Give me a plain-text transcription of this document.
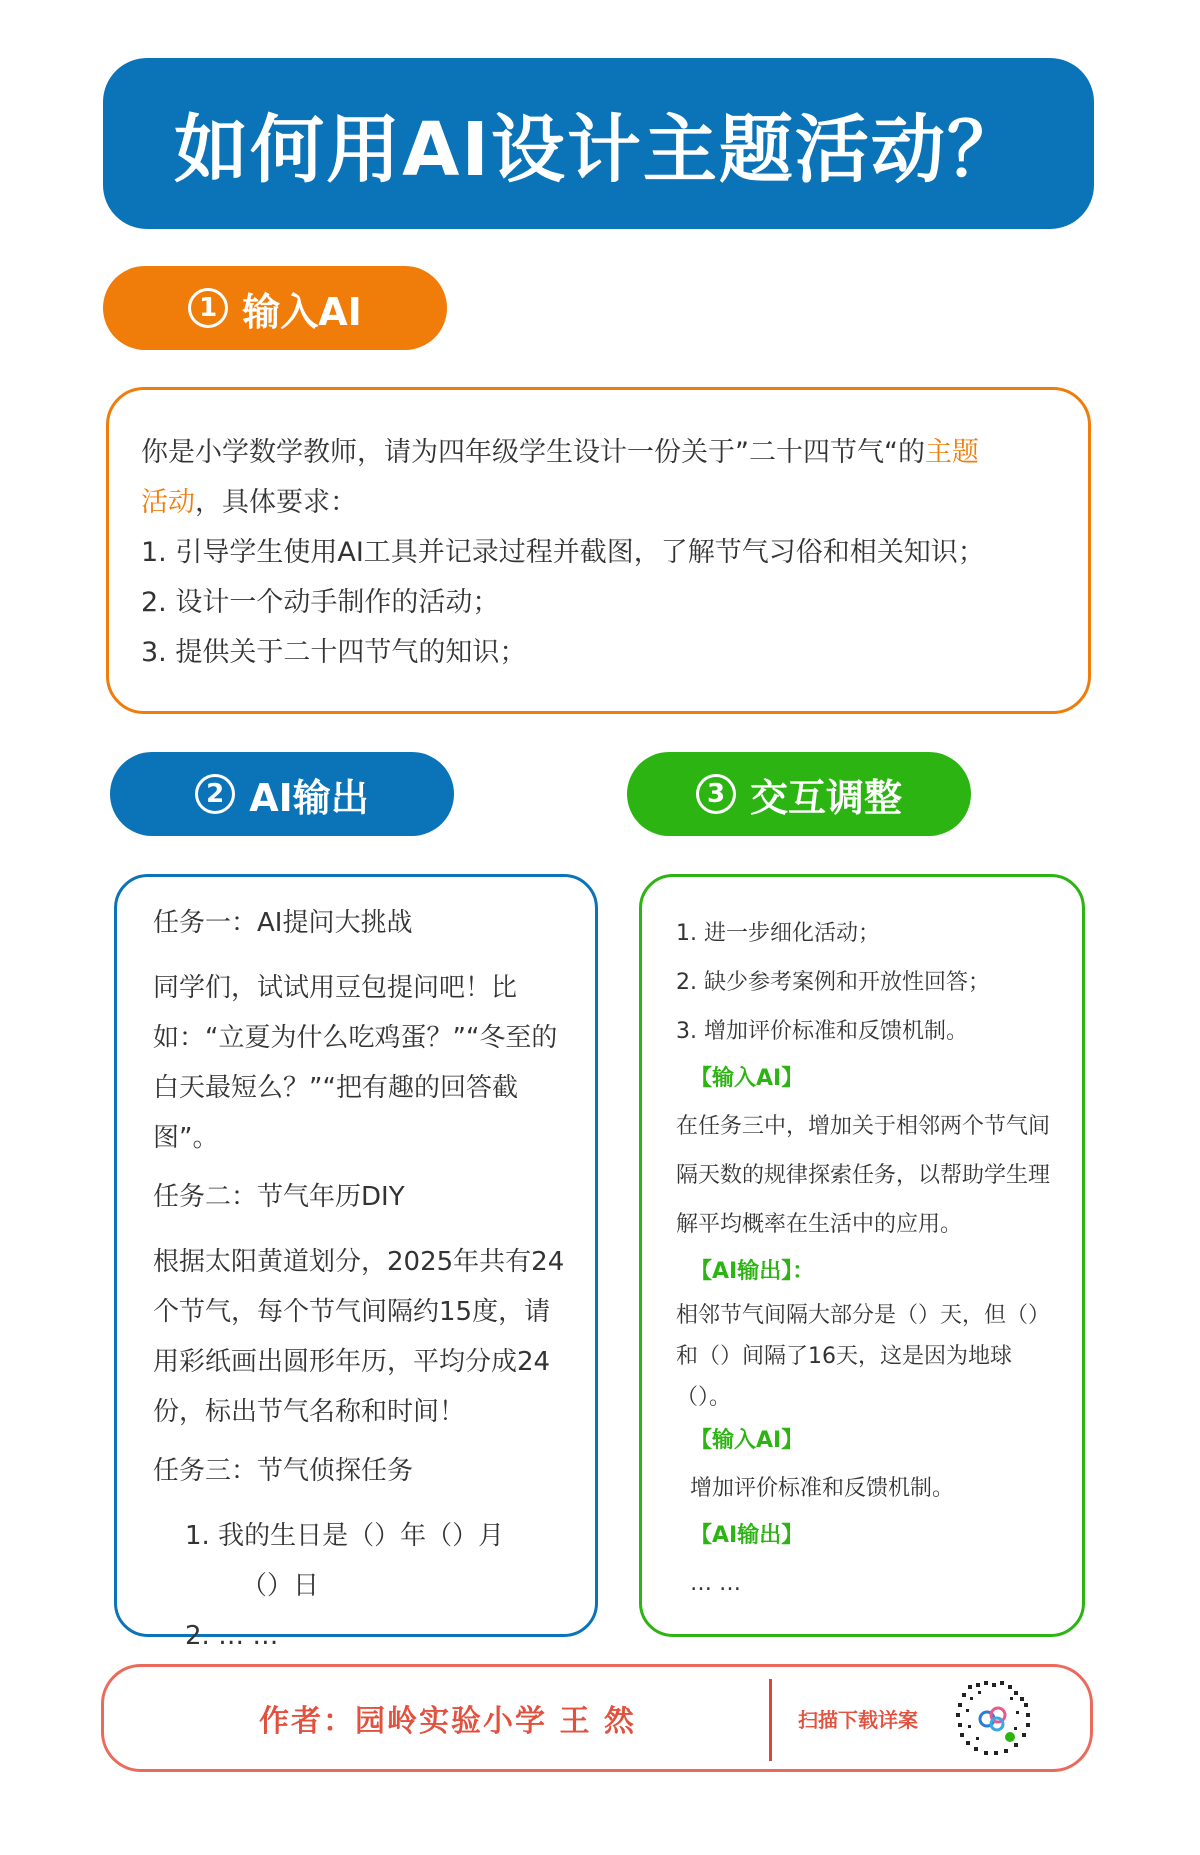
如何用AI设计主题活动？
1 输入AI

你是小学数学教师，请为四年级学生设计一份关于”二十四节气“的主题

活动，具体要求：

1. 引导学生使用AI工具并记录过程并截图，了解节气习俗和相关知识；

2. 设计一个动手制作的活动；

3. 提供关于二十四节气的知识；

2 AI输出	3 交互调整

任务一：AI提问大挑战

同学们，试试用豆包提问吧！比如：“立夏为什么吃鸡蛋？”“冬至的白天最短么？”“把有趣的回答截图”。

任务二：节气年历DIY

根据太阳黄道划分，2025年共有24个节气，每个节气间隔约15度，请用彩纸画出圆形年历，平均分成24份，标出节气名称和时间！

任务三：节气侦探任务

1. 我的生日是（）年（）月

（）日

2. … …

1. 进一步细化活动；

2. 缺少参考案例和开放性回答；

3. 增加评价标准和反馈机制。

【输入AI】

在任务三中，增加关于相邻两个节气间隔天数的规律探索任务，以帮助学生理解平均概率在生活中的应用。

【AI输出】：

相邻节气间隔大部分是（）天，但（）和（）间隔了16天，这是因为地球（）。

【输入AI】

增加评价标准和反馈机制。

【AI输出】

… …

作者：园岭实验小学 王 然	扫描下载详案
